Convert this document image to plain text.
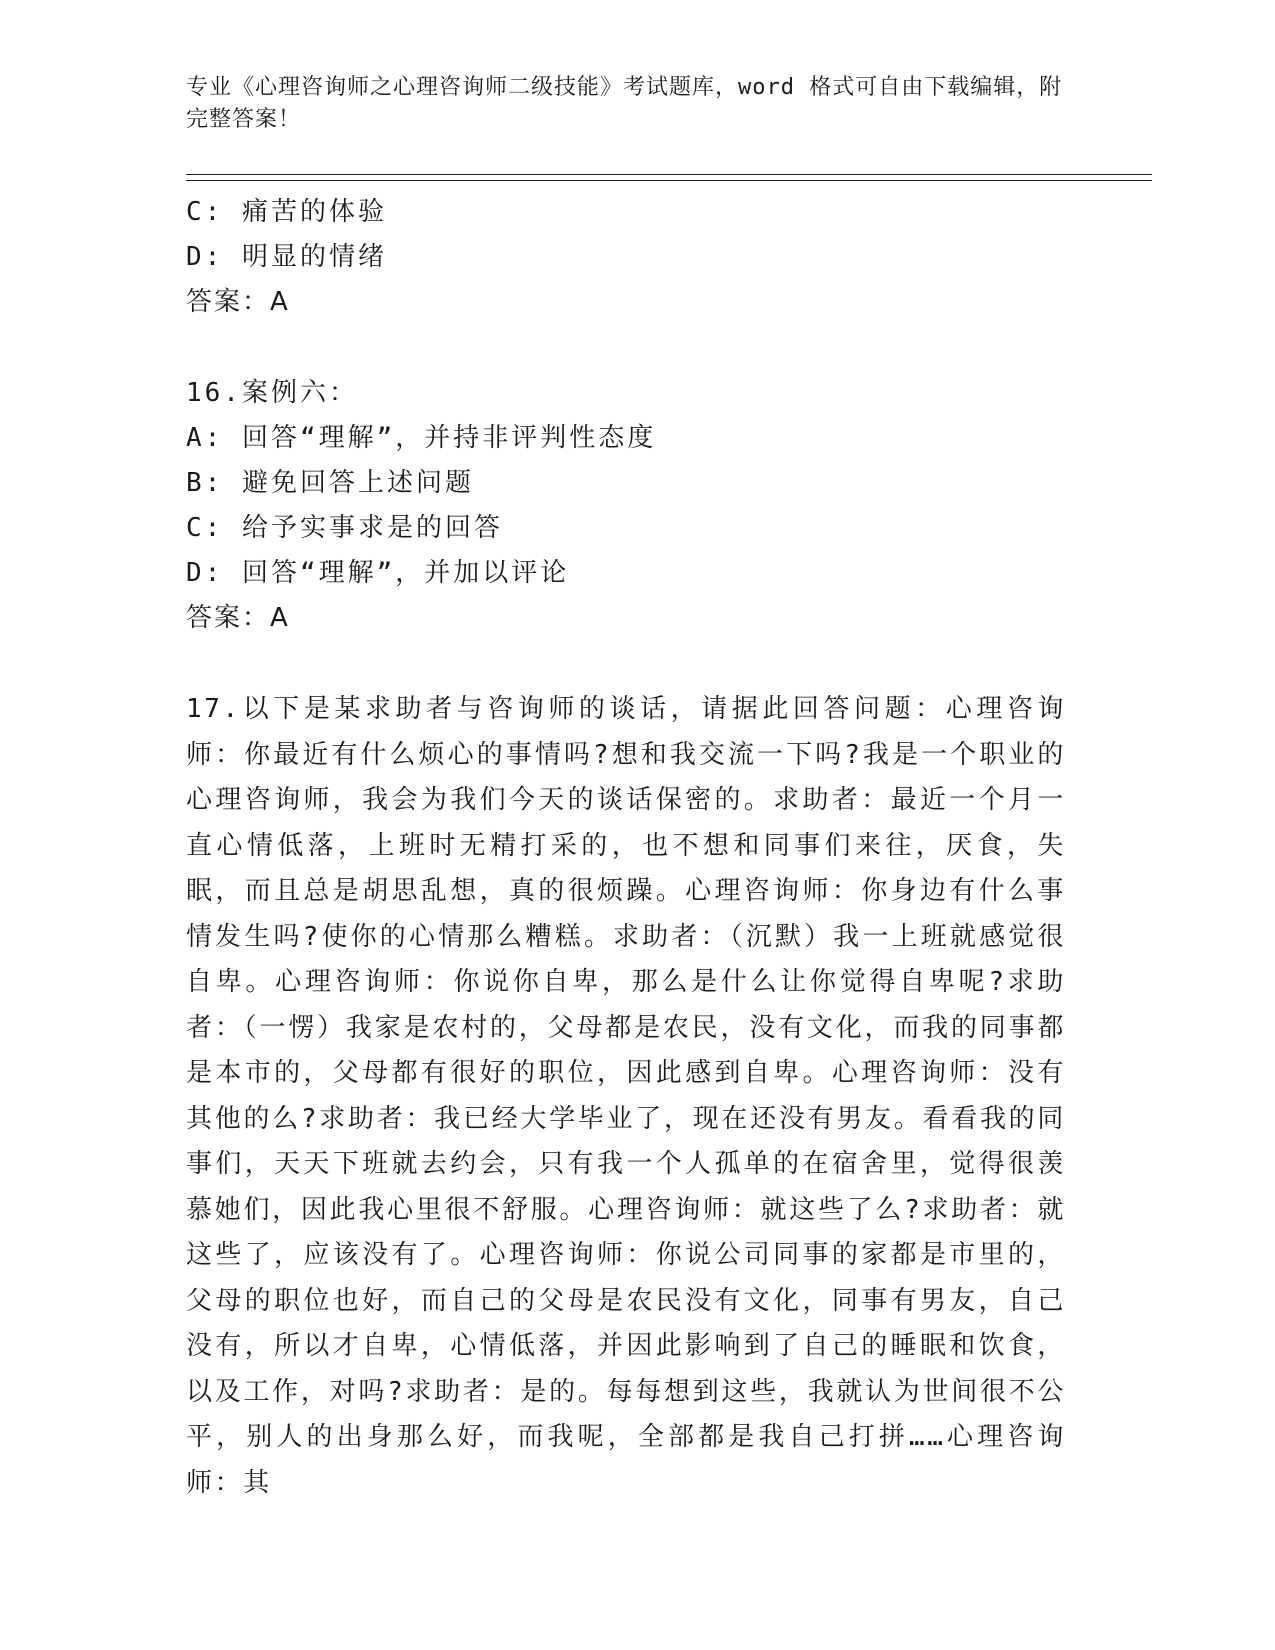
专业《心理咨询师之心理咨询师二级技能》考试题库，word 格式可自由下载编辑，附完整答案！
C: 痛苦的体验
D: 明显的情绪
答案：A
16.案例六：
A: 回答“理解”，并持非评判性态度
B: 避免回答上述问题
C: 给予实事求是的回答
D: 回答“理解”，并加以评论
答案：A
17.以下是某求助者与咨询师的谈话，请据此回答问题：心理咨询师：你最近有什么烦心的事情吗?想和我交流一下吗?我是一个职业的心理咨询师，我会为我们今天的谈话保密的。求助者：最近一个月一直心情低落，上班时无精打采的，也不想和同事们来往，厌食，失眠，而且总是胡思乱想，真的很烦躁。心理咨询师：你身边有什么事情发生吗?使你的心情那么糟糕。求助者：（沉默）我一上班就感觉很自卑。心理咨询师：你说你自卑，那么是什么让你觉得自卑呢?求助者：（一愣）我家是农村的，父母都是农民，没有文化，而我的同事都是本市的，父母都有很好的职位，因此感到自卑。心理咨询师：没有其他的么?求助者：我已经大学毕业了，现在还没有男友。看看我的同事们，天天下班就去约会，只有我一个人孤单的在宿舍里，觉得很羡慕她们，因此我心里很不舒服。心理咨询师：就这些了么?求助者：就这些了，应该没有了。心理咨询师：你说公司同事的家都是市里的，父母的职位也好，而自己的父母是农民没有文化，同事有男友，自己没有，所以才自卑，心情低落，并因此影响到了自己的睡眠和饮食，以及工作，对吗?求助者：是的。每每想到这些，我就认为世间很不公平，别人的出身那么好，而我呢，全部都是我自己打拼……心理咨询师：其
